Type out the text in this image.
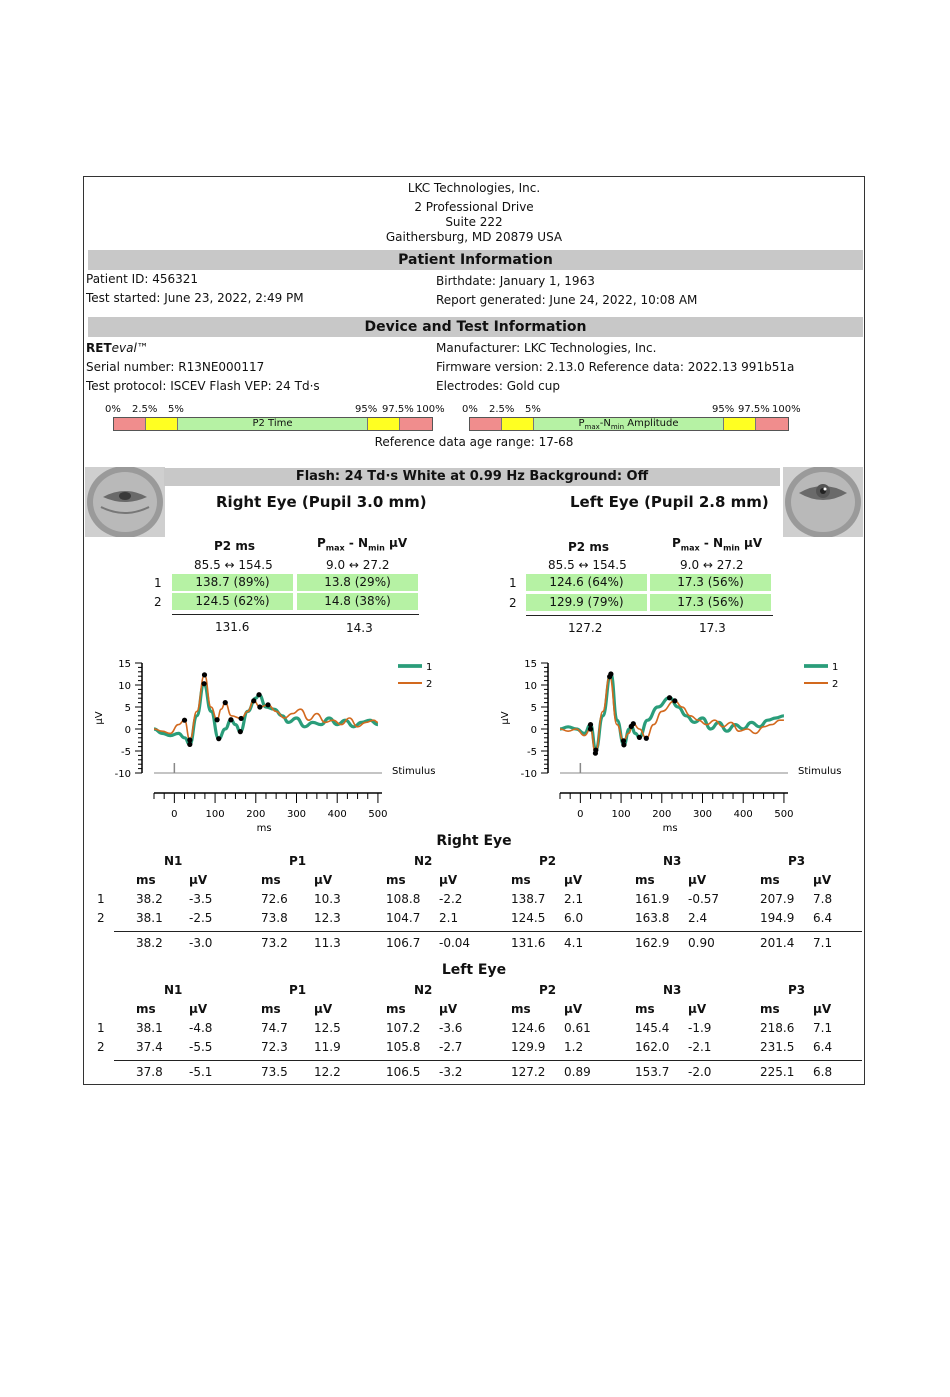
LKC Technologies, Inc.
2 Professional Drive
Suite 222
Gaithersburg, MD 20879 USA
Patient Information
Patient ID: 456321
Test started: June 23, 2022, 2:49 PM
Birthdate: January 1, 1963
Report generated: June 24, 2022, 10:08 AM
Device and Test Information
RETeval™
Serial number: R13NE000117
Test protocol: ISCEV Flash VEP: 24 Td·s
Manufacturer: LKC Technologies, Inc.
Firmware version: 2.13.0 Reference data: 2022.13 991b51a
Electrodes: Gold cup
0% 2.5% 5%	95% 97.5% 100%
P2 Time
0% 2.5% 5%	95% 97.5% 100%
$P_{max}-N_{min}$ Amplitude
Reference data age range: 17-68
Flash: 24 Td·s White at 0.99 Hz Background: Off
Right Eye (Pupil 3.0 mm)
P2 ms	$P_{max} - N_{min}$ µV
85.5 ↔ 154.5	9.0 ↔ 27.2
1	138.7 (89%)	13.8 (29%)
2	124.5 (62%)	14.8 (38%)
131.6	14.3
Left Eye (Pupil 2.8 mm)
P2 ms	$P_{max} - N_{min}$ µV
85.5 ↔ 154.5	9.0 ↔ 27.2
1	124.6 (64%)	17.3 (56%)
2	129.9 (79%)	17.3 (56%)
127.2	17.3
15
10
5
0
-5
-10
µV
Stimulus
0	100 200 300 400 500
ms
1
2
15
10
5
0
-5
-10
µV
Stimulus
0	100 200 300 400 500
ms
1
2
Right Eye
N1
ms	µV
P1
ms	µV
N2
ms	µV
P2
ms	µV
N3
ms	µV
P3
ms	µV
1	38.2 -3.5	72.6 10.3	108.8 -2.2	138.7 2.1	161.9 -0.57	207.9 7.8
2	38.1 -2.5	73.8 12.3	104.7 2.1	124.5 6.0	163.8 2.4	194.9 6.4
38.2 -3.0	73.2 11.3	106.7 -0.04	131.6 4.1	162.9 0.90	201.4 7.1
Left Eye
N1
ms	µV
P1
ms	µV
N2
ms	µV
P2
ms	µV
N3
ms	µV
P3
ms	µV
1	38.1 -4.8	74.7 12.5	107.2 -3.6	124.6 0.61	145.4 -1.9	218.6 7.1
2	37.4 -5.5	72.3 11.9	105.8 -2.7	129.9 1.2	162.0 -2.1	231.5 6.4
37.8 -5.1	73.5 12.2	106.5 -3.2	127.2 0.89	153.7 -2.0	225.1 6.8
